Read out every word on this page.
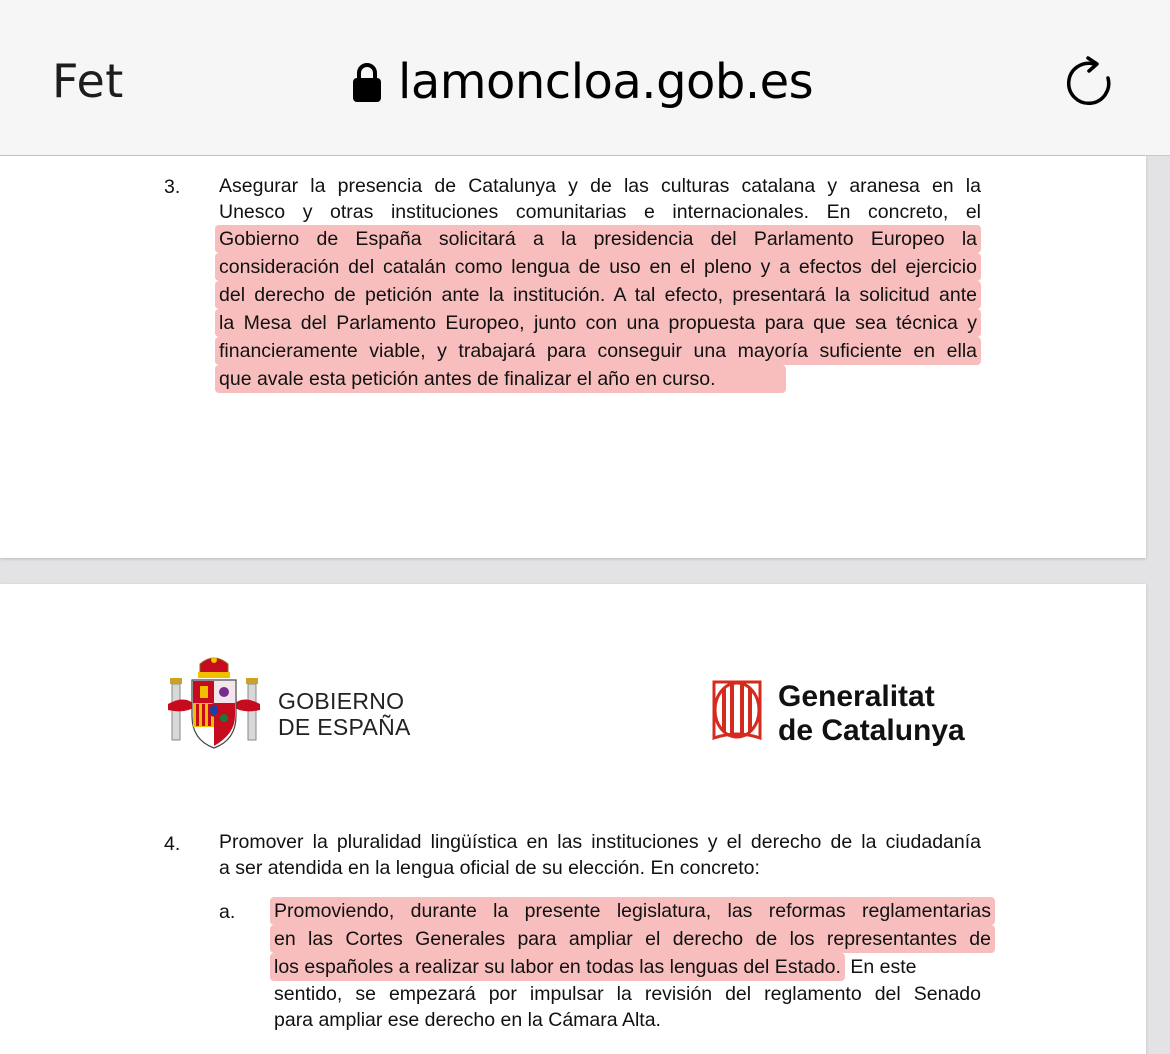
Fet	lamoncloa.gob.es
3. Asegurar la presencia de Catalunya y de las culturas catalana y aranesa en la
Unesco y otras instituciones comunitarias e internacionales. En concreto, el
Gobierno de España solicitará a la presidencia del Parlamento Europeo la
consideración del catalán como lengua de uso en el pleno y a efectos del ejercicio
del derecho de petición ante la institución. A tal efecto, presentará la solicitud ante
la Mesa del Parlamento Europeo, junto con una propuesta para que sea técnica y
financieramente viable, y trabajará para conseguir una mayoría suficiente en ella
que avale esta petición antes de finalizar el año en curso.
GOBIERNO
DE ESPAÑA
Generalitat
de Catalunya
4. Promover la pluralidad lingüística en las instituciones y el derecho de la ciudadanía
a ser atendida en la lengua oficial de su elección. En concreto:
a. Promoviendo, durante la presente legislatura, las reformas reglamentarias
en las Cortes Generales para ampliar el derecho de los representantes de
los españoles a realizar su labor en todas las lenguas del Estado. En este
sentido, se empezará por impulsar la revisión del reglamento del Senado
para ampliar ese derecho en la Cámara Alta.
